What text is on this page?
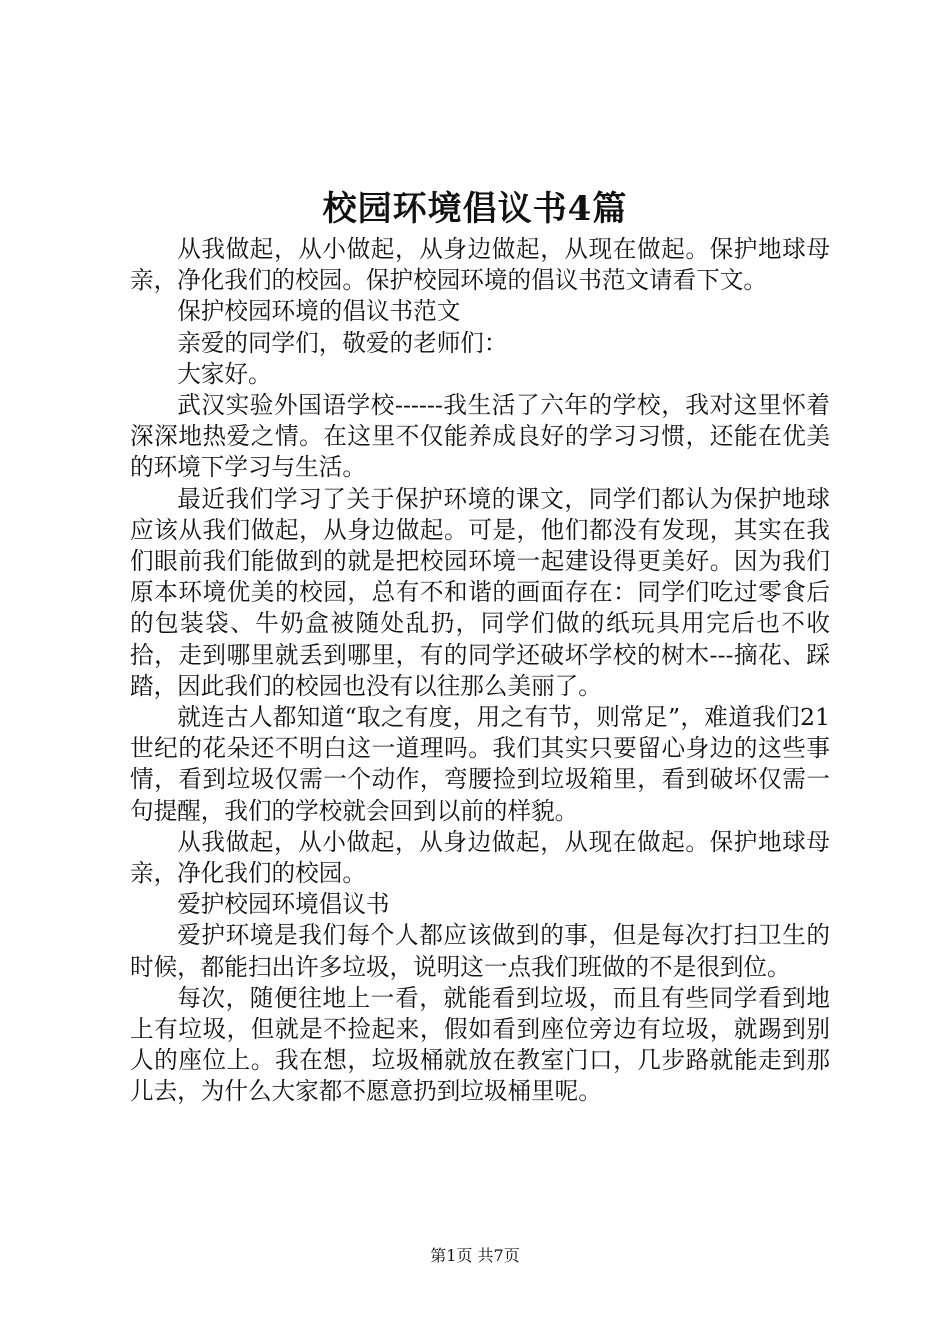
校园环境倡议书4篇

从我做起，从小做起，从身边做起，从现在做起。保护地球母亲，净化我们的校园。保护校园环境的倡议书范文请看下文。

保护校园环境的倡议书范文

亲爱的同学们，敬爱的老师们：

大家好。

武汉实验外国语学校------我生活了六年的学校，我对这里怀着深深地热爱之情。在这里不仅能养成良好的学习习惯，还能在优美的环境下学习与生活。

最近我们学习了关于保护环境的课文，同学们都认为保护地球应该从我们做起，从身边做起。可是，他们都没有发现，其实在我们眼前我们能做到的就是把校园环境一起建设得更美好。因为我们原本环境优美的校园，总有不和谐的画面存在：同学们吃过零食后的包装袋、牛奶盒被随处乱扔，同学们做的纸玩具用完后也不收拾，走到哪里就丢到哪里，有的同学还破坏学校的树木---摘花、踩踏，因此我们的校园也没有以往那么美丽了。

就连古人都知道“取之有度，用之有节，则常足”，难道我们21世纪的花朵还不明白这一道理吗。我们其实只要留心身边的这些事情，看到垃圾仅需一个动作，弯腰捡到垃圾箱里，看到破坏仅需一句提醒，我们的学校就会回到以前的样貌。

从我做起，从小做起，从身边做起，从现在做起。保护地球母亲，净化我们的校园。

爱护校园环境倡议书

爱护环境是我们每个人都应该做到的事，但是每次打扫卫生的时候，都能扫出许多垃圾，说明这一点我们班做的不是很到位。

每次，随便往地上一看，就能看到垃圾，而且有些同学看到地上有垃圾，但就是不捡起来，假如看到座位旁边有垃圾，就踢到别人的座位上。我在想，垃圾桶就放在教室门口，几步路就能走到那儿去，为什么大家都不愿意扔到垃圾桶里呢。

第1页 共7页
